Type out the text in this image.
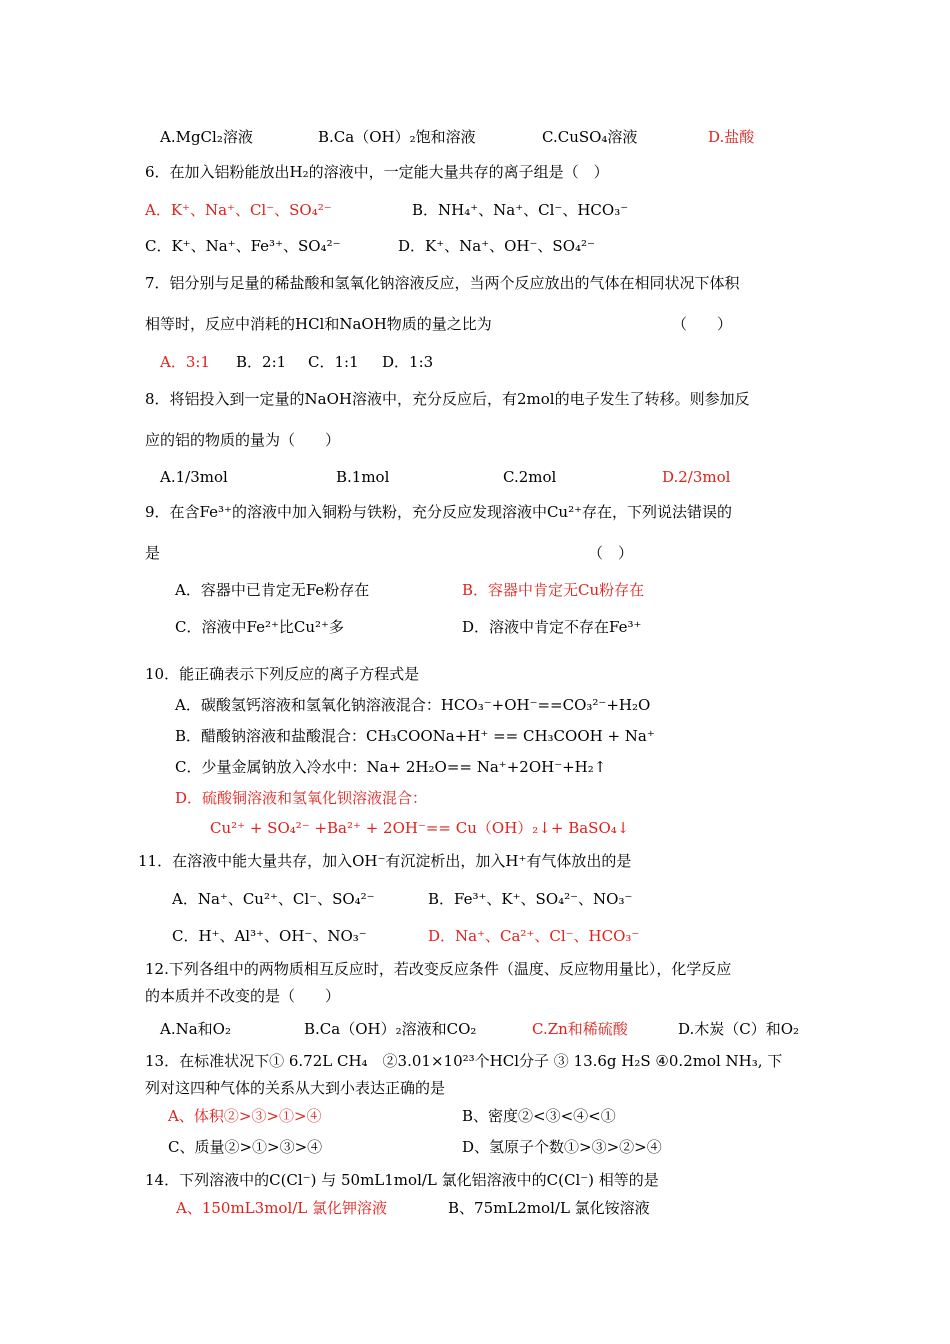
A.MgCl₂溶液	B.Ca（OH）₂饱和溶液	C.CuSO₄溶液	D.盐酸
6．在加入铝粉能放出H₂的溶液中，一定能大量共存的离子组是（　）
A．K⁺、Na⁺、Cl⁻、SO₄²⁻	B．NH₄⁺、Na⁺、Cl⁻、HCO₃⁻
C．K⁺、Na⁺、Fe³⁺、SO₄²⁻	D．K⁺、Na⁺、OH⁻、SO₄²⁻
7．铝分别与足量的稀盐酸和氢氧化钠溶液反应，当两个反应放出的气体在相同状况下体积
相等时，反应中消耗的HCl和NaOH物质的量之比为	（　　）
A．3:1 B．2:1 C．1:1 D．1:3
8．将铝投入到一定量的NaOH溶液中，充分反应后，有2mol的电子发生了转移。则参加反
应的铝的物质的量为（　　）
A.1/3mol	B.1mol	C.2mol	D.2/3mol
9．在含Fe³⁺的溶液中加入铜粉与铁粉，充分反应发现溶液中Cu²⁺存在，下列说法错误的
是	（　）
A．容器中已肯定无Fe粉存在	B．容器中肯定无Cu粉存在
C．溶液中Fe²⁺比Cu²⁺多	D．溶液中肯定不存在Fe³⁺
10．能正确表示下列反应的离子方程式是
A．碳酸氢钙溶液和氢氧化钠溶液混合：HCO₃⁻+OH⁻==CO₃²⁻+H₂O
B．醋酸钠溶液和盐酸混合：CH₃COONa+H⁺ == CH₃COOH + Na⁺
C．少量金属钠放入冷水中：Na+ 2H₂O== Na⁺+2OH⁻+H₂↑
D．硫酸铜溶液和氢氧化钡溶液混合：
Cu²⁺ + SO₄²⁻ +Ba²⁺ + 2OH⁻== Cu（OH）₂↓+ BaSO₄↓
11．在溶液中能大量共存，加入OH⁻有沉淀析出，加入H⁺有气体放出的是
A．Na⁺、Cu²⁺、Cl⁻、SO₄²⁻	B．Fe³⁺、K⁺、SO₄²⁻、NO₃⁻
C．H⁺、Al³⁺、OH⁻、NO₃⁻	D．Na⁺、Ca²⁺、Cl⁻、HCO₃⁻
12.下列各组中的两物质相互反应时，若改变反应条件（温度、反应物用量比），化学反应
的本质并不改变的是（　　）
A.Na和O₂	B.Ca（OH）₂溶液和CO₂	C.Zn和稀硫酸	D.木炭（C）和O₂
13．在标准状况下① 6.72L CH₄　②3.01×10²³个HCl分子 ③ 13.6g H₂S ④0.2mol NH₃, 下
列对这四种气体的关系从大到小表达正确的是
A、体积②>③>①>④	B、密度②<③<④<①
C、质量②>①>③>④	D、氢原子个数①>③>②>④
14．下列溶液中的C(Cl⁻) 与 50mL1mol/L 氯化铝溶液中的C(Cl⁻) 相等的是
A、150mL3mol/L 氯化钾溶液	B、75mL2mol/L 氯化铵溶液
